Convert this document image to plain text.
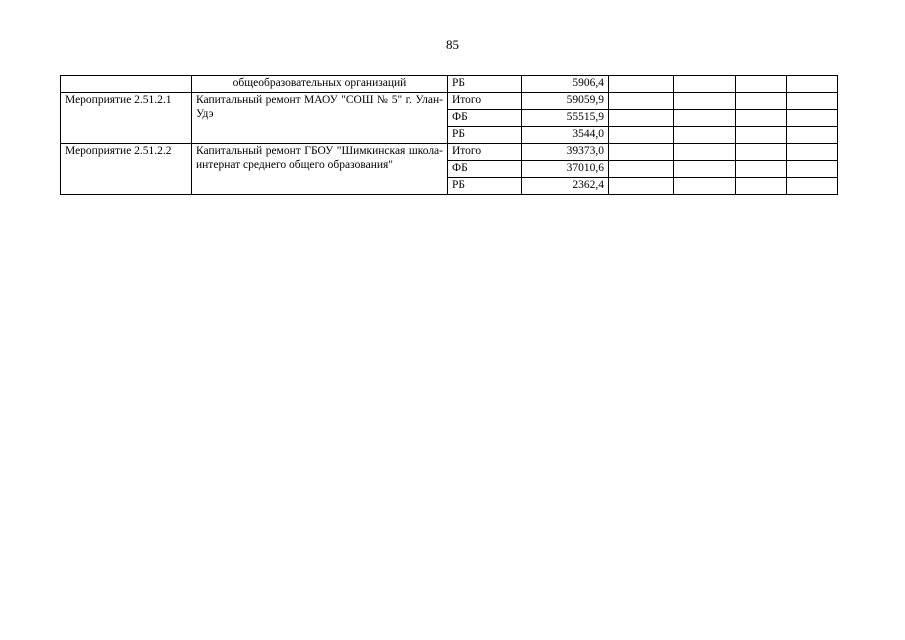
85
	общеобразовательных организаций	РБ	5906,4				
Мероприятие 2.51.2.1	Капитальный ремонт МАОУ "СОШ № 5" г. Улан-Удэ	Итого	59059,9				
		ФБ	55515,9				
		РБ	3544,0				
Мероприятие 2.51.2.2	Капитальный ремонт ГБОУ "Шимкинская школа-интернат среднего общего образования"	Итого	39373,0				
		ФБ	37010,6				
		РБ	2362,4				
